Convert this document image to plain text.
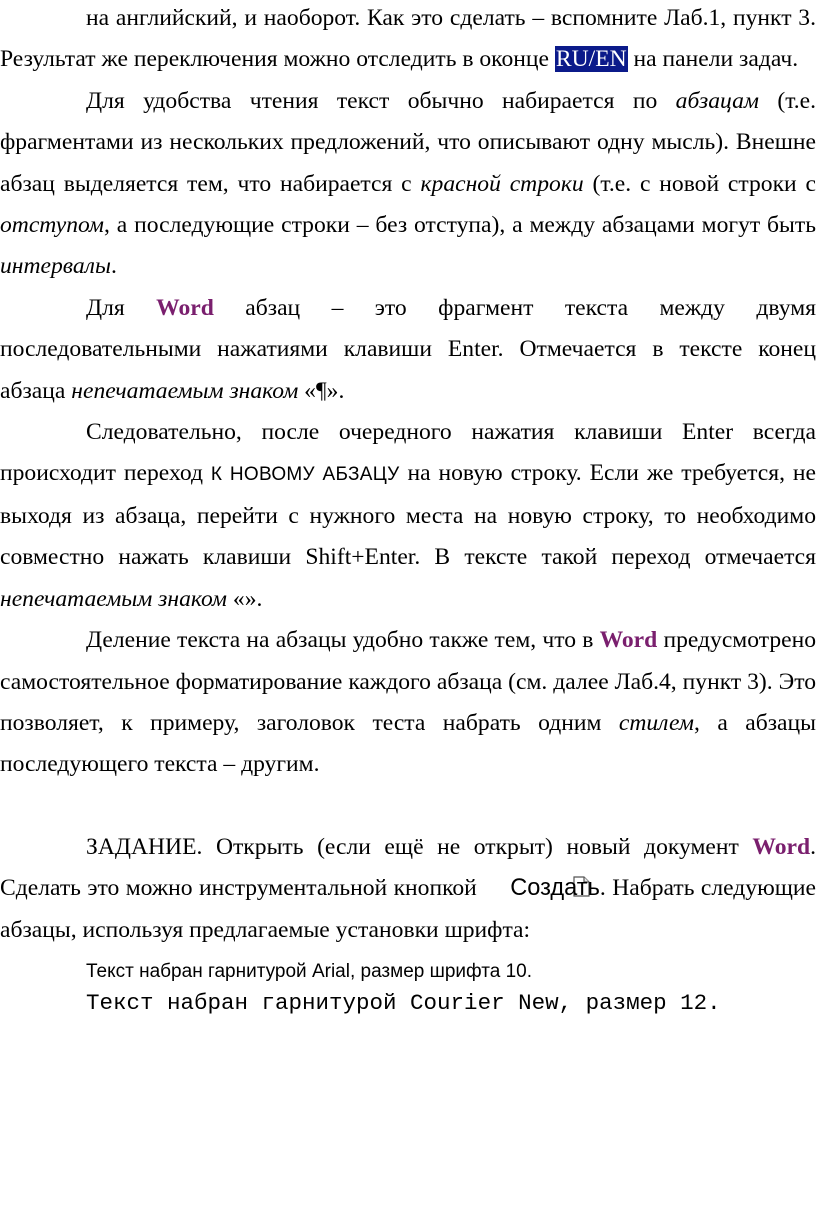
на английский, и наоборот. Как это сделать – вспомните Лаб.1, пункт 3. Результат же переключения можно отследить в оконце RU/EN на панели задач.

Для удобства чтения текст обычно набирается по абзацам (т.е. фрагментами из нескольких предложений, что описывают одну мысль). Внешне абзац выделяется тем, что набирается с красной строки (т.е. с новой строки с отступом, а последующие строки – без отступа), а между абзацами могут быть интервалы.

Для Word абзац – это фрагмент текста между двумя последовательными нажатиями клавиши Enter. Отмечается в тексте конец абзаца непечатаемым знаком «¶».

Следовательно, после очередного нажатия клавиши Enter всегда происходит переход К НОВОМУ АБЗАЦУ на новую строку. Если же требуется, не выходя из абзаца, перейти с нужного места на новую строку, то необходимо совместно нажать клавиши Shift+Enter. В тексте такой переход отмечается непечатаемым знаком «».

Деление текста на абзацы удобно также тем, что в Word предусмотрено самостоятельное форматирование каждого абзаца (см. далее Лаб.4, пункт 3). Это позволяет, к примеру, заголовок теста набрать одним стилем, а абзацы последующего текста – другим.

ЗАДАНИЕ. Открыть (если ещё не открыт) новый документ Word. Сделать это можно инструментальной кнопкой Создать. Набрать следующие абзацы, используя предлагаемые установки шрифта:

Текст набран гарнитурой Arial, размер шрифта 10.

Текст набран гарнитурой Courier New, размер 12.
